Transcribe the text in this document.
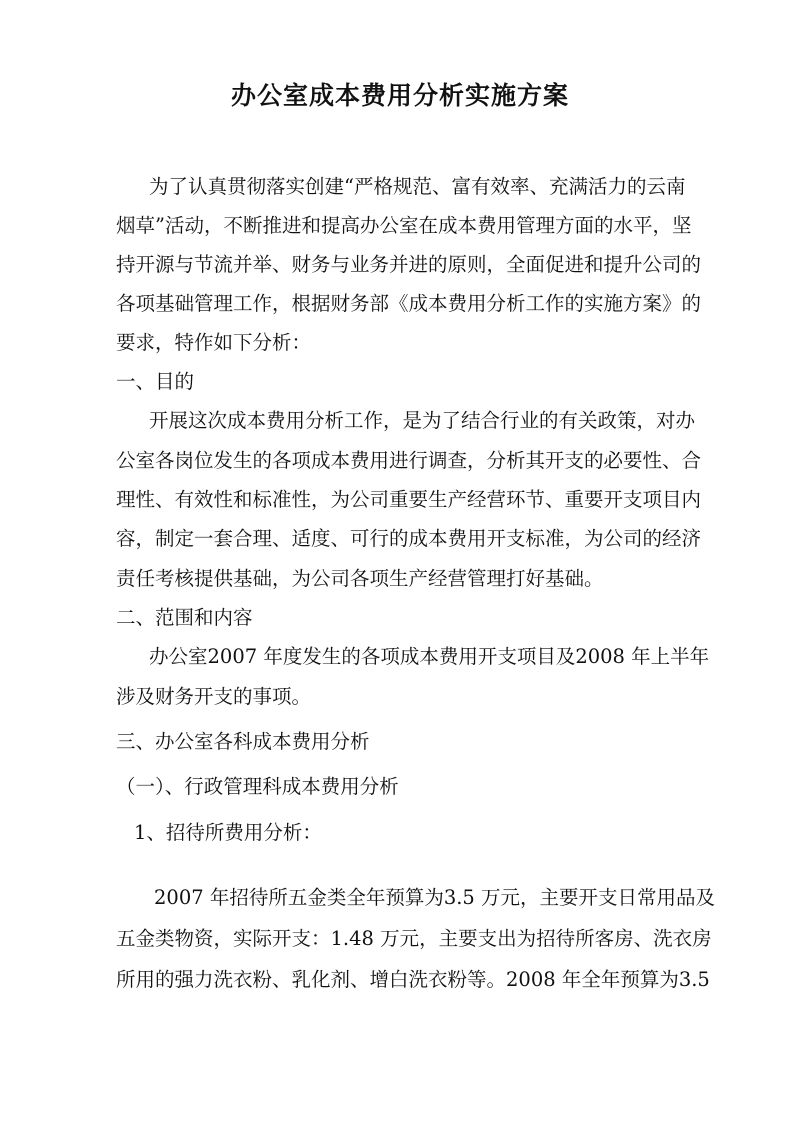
办公室成本费用分析实施方案
为了认真贯彻落实创建“严格规范、富有效率、充满活力的云南
烟草”活动，不断推进和提高办公室在成本费用管理方面的水平，坚
持开源与节流并举、财务与业务并进的原则，全面促进和提升公司的
各项基础管理工作，根据财务部《成本费用分析工作的实施方案》的
要求，特作如下分析：
一、目的
开展这次成本费用分析工作，是为了结合行业的有关政策，对办
公室各岗位发生的各项成本费用进行调查，分析其开支的必要性、合
理性、有效性和标准性，为公司重要生产经营环节、重要开支项目内
容，制定一套合理、适度、可行的成本费用开支标准，为公司的经济
责任考核提供基础，为公司各项生产经营管理打好基础。
二、范围和内容
办公室2007 年度发生的各项成本费用开支项目及2008 年上半年
涉及财务开支的事项。
三、办公室各科成本费用分析
（一）、行政管理科成本费用分析
1、招待所费用分析：
2007 年招待所五金类全年预算为3.5 万元，主要开支日常用品及
五金类物资，实际开支：1.48 万元，主要支出为招待所客房、洗衣房
所用的强力洗衣粉、乳化剂、增白洗衣粉等。2008 年全年预算为3.5
